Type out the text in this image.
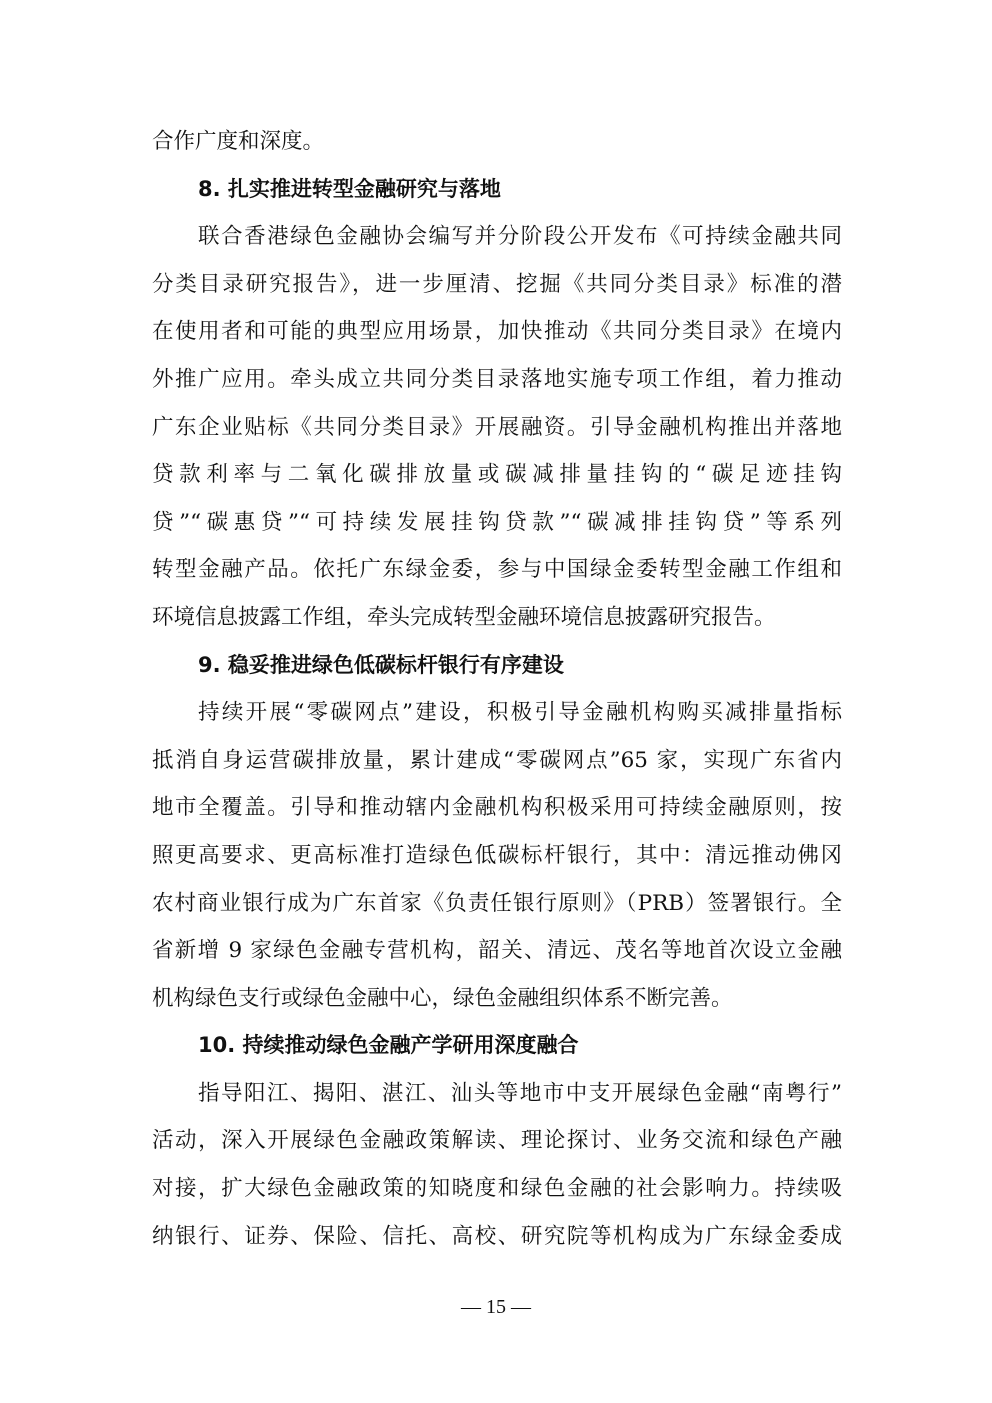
合作广度和深度。
8. 扎实推进转型金融研究与落地
联合香港绿色金融协会编写并分阶段公开发布《可持续金融共同
分类目录研究报告》，进一步厘清、挖掘《共同分类目录》标准的潜
在使用者和可能的典型应用场景，加快推动《共同分类目录》在境内
外推广应用。牵头成立共同分类目录落地实施专项工作组，着力推动
广东企业贴标《共同分类目录》开展融资。引导金融机构推出并落地
贷款利率与二氧化碳排放量或碳减排量挂钩的“碳足迹挂钩
贷”“碳惠贷”“可持续发展挂钩贷款”“碳减排挂钩贷”等系列
转型金融产品。依托广东绿金委，参与中国绿金委转型金融工作组和
环境信息披露工作组，牵头完成转型金融环境信息披露研究报告。
9. 稳妥推进绿色低碳标杆银行有序建设
持续开展“零碳网点”建设，积极引导金融机构购买减排量指标
抵消自身运营碳排放量，累计建成“零碳网点”65 家，实现广东省内
地市全覆盖。引导和推动辖内金融机构积极采用可持续金融原则，按
照更高要求、更高标准打造绿色低碳标杆银行，其中：清远推动佛冈
农村商业银行成为广东首家《负责任银行原则》（PRB）签署银行。全
省新增 9 家绿色金融专营机构，韶关、清远、茂名等地首次设立金融
机构绿色支行或绿色金融中心，绿色金融组织体系不断完善。
10. 持续推动绿色金融产学研用深度融合
指导阳江、揭阳、湛江、汕头等地市中支开展绿色金融“南粤行”
活动，深入开展绿色金融政策解读、理论探讨、业务交流和绿色产融
对接，扩大绿色金融政策的知晓度和绿色金融的社会影响力。持续吸
纳银行、证券、保险、信托、高校、研究院等机构成为广东绿金委成
— 15 —
